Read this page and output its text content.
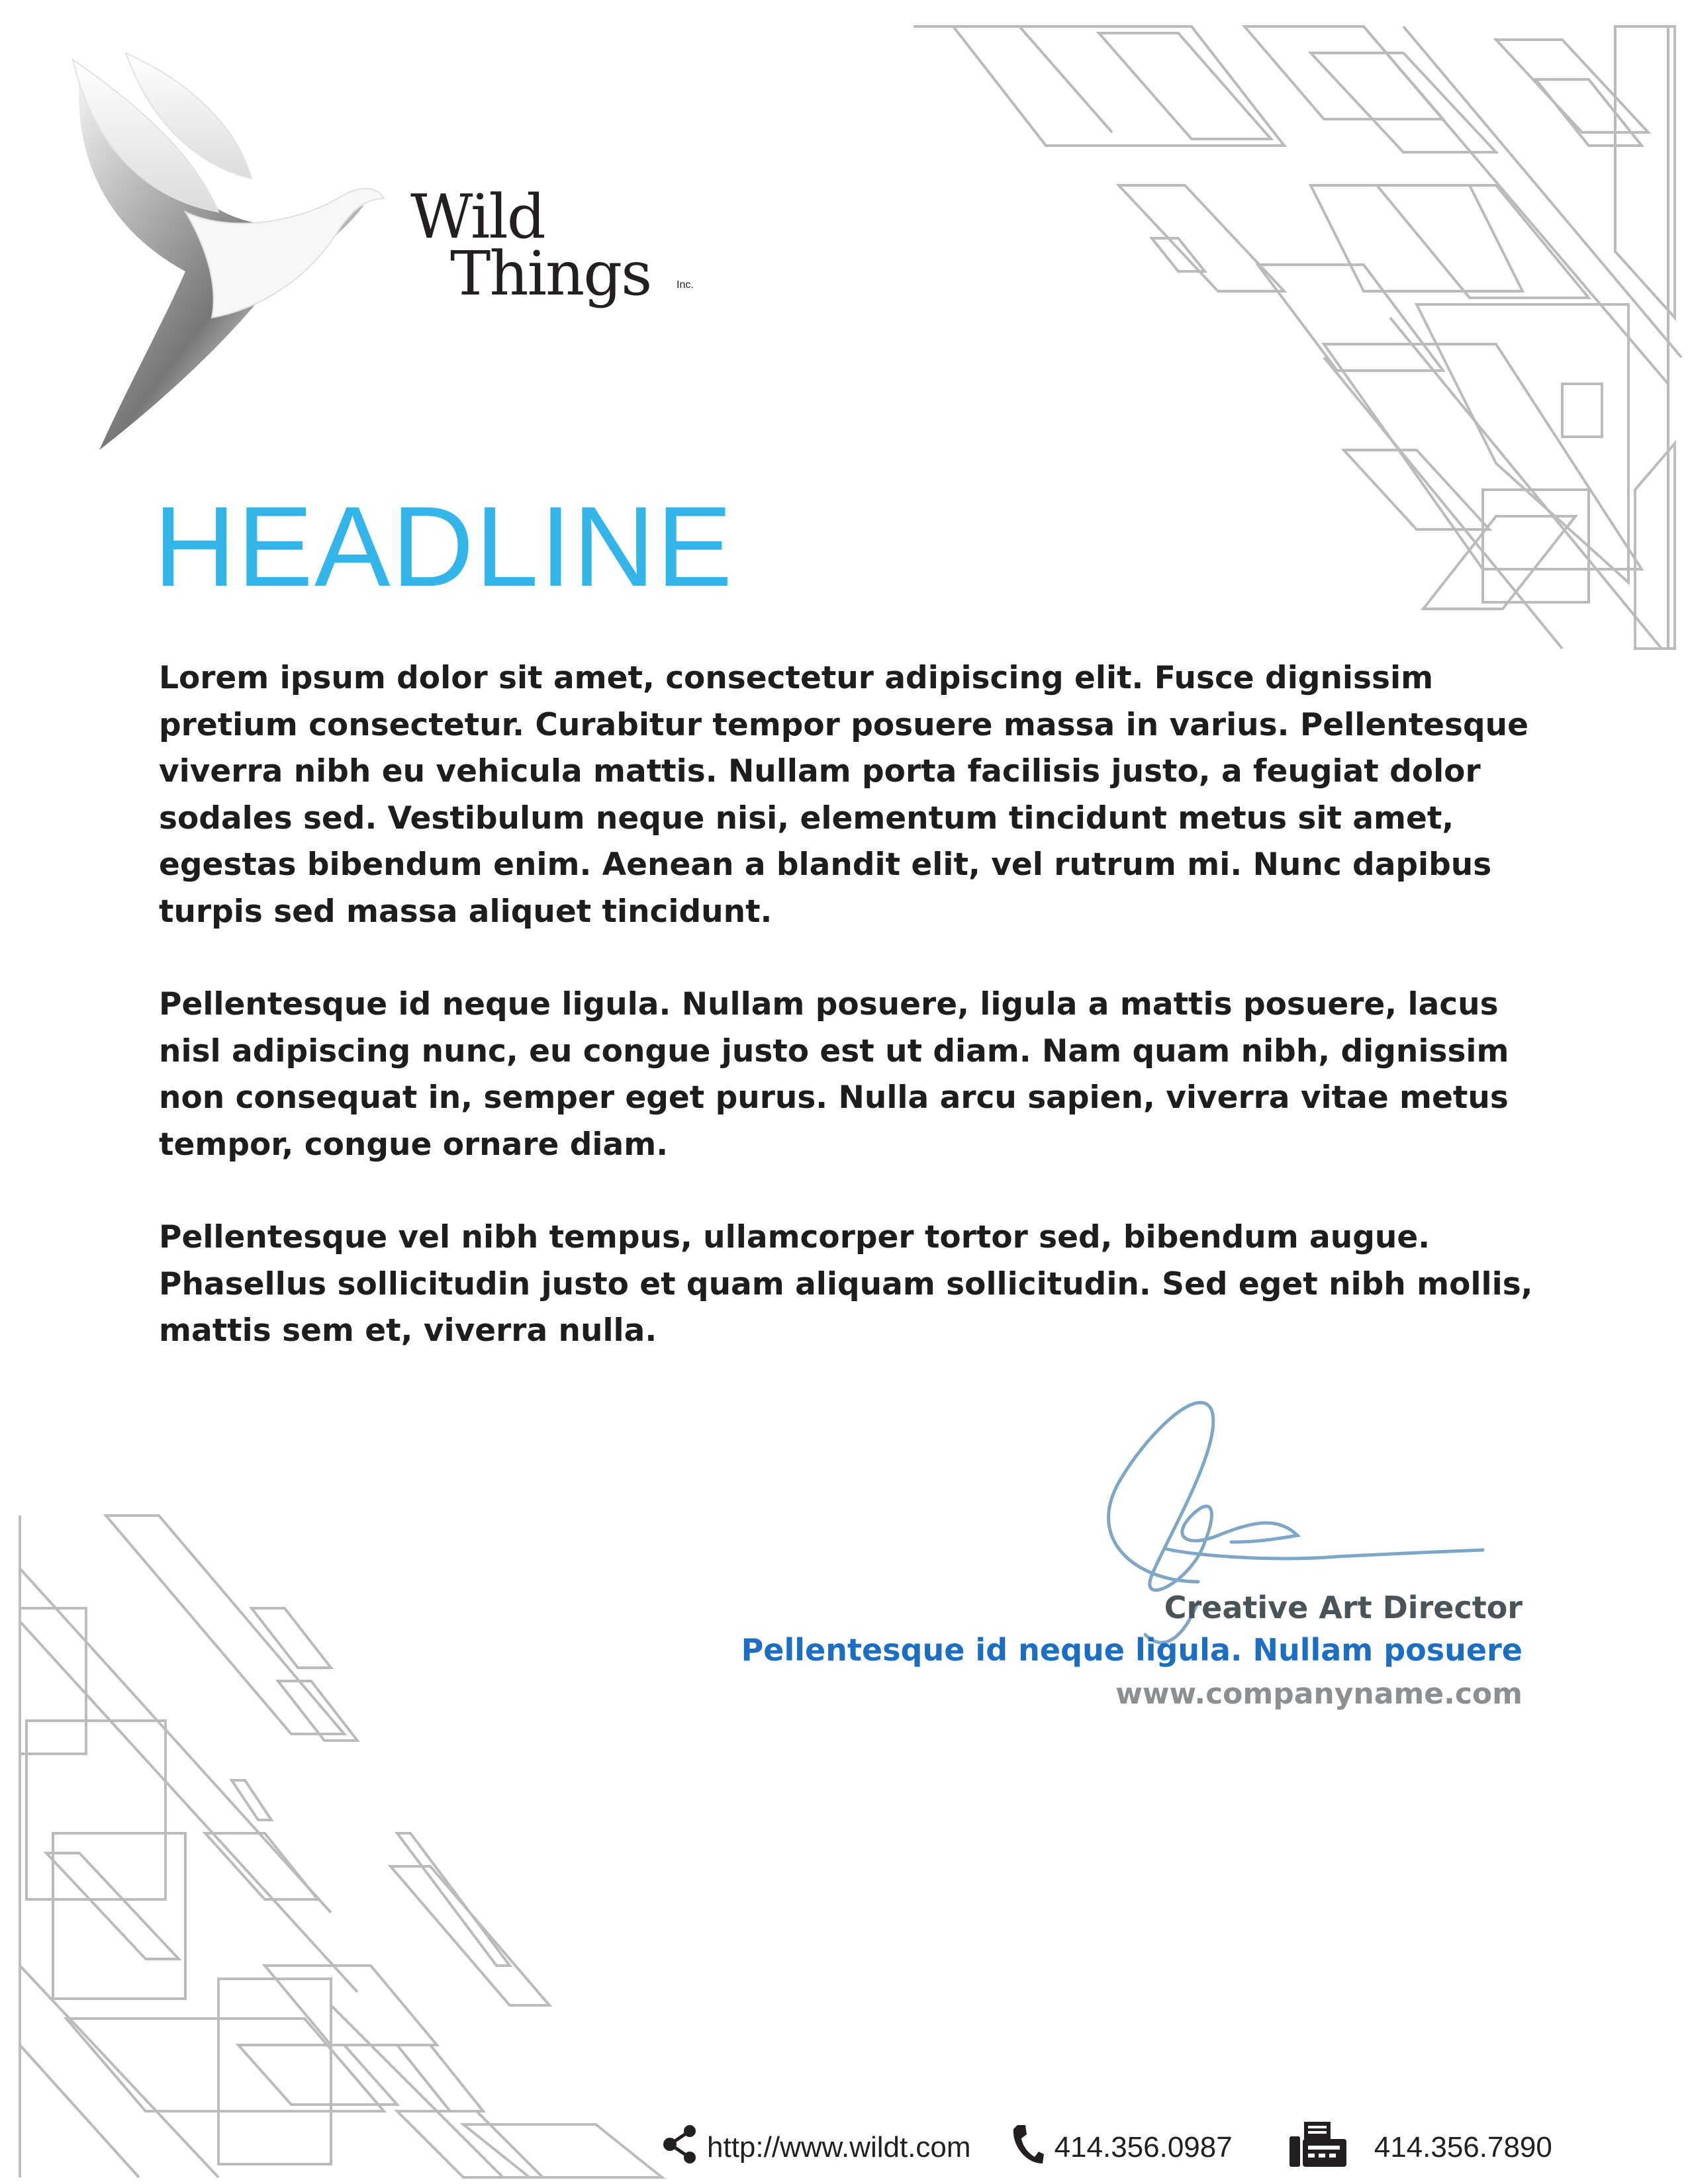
Wild
Things Inc.
HEADLINE

Lorem ipsum dolor sit amet, consectetur adipiscing elit. Fusce dignissim pretium consectetur. Curabitur tempor posuere massa in varius. Pellentesque viverra nibh eu vehicula mattis. Nullam porta facilisis justo, a feugiat dolor sodales sed. Vestibulum neque nisi, elementum tincidunt metus sit amet, egestas bibendum enim. Aenean a blandit elit, vel rutrum mi. Nunc dapibus turpis sed massa aliquet tincidunt.

Pellentesque id neque ligula. Nullam posuere, ligula a mattis posuere, lacus nisl adipiscing nunc, eu congue justo est ut diam. Nam quam nibh, dignissim non consequat in, semper eget purus. Nulla arcu sapien, viverra vitae metus tempor, congue ornare diam.

Pellentesque vel nibh tempus, ullamcorper tortor sed, bibendum augue. Phasellus sollicitudin justo et quam aliquam sollicitudin. Sed eget nibh mollis, mattis sem et, viverra nulla.

Creative Art Director
Pellentesque id neque ligula. Nullam posuere
www.companyname.com
http://www.wildt.com	414.356.0987	414.356.7890
